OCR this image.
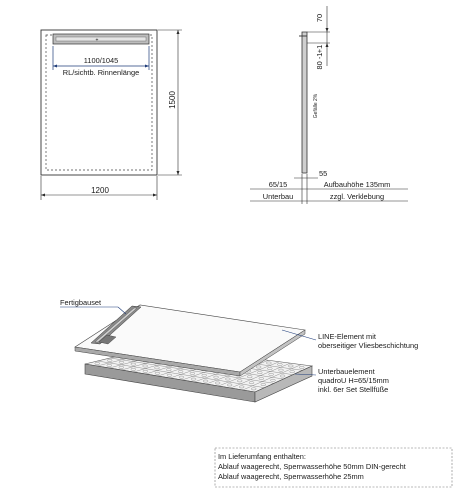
+
1100/1045
RL/sichtb. Rinnenlänge
1200
1500
70
+1
80 -1
Gefälle 2%
55
65/15
Unterbau
Aufbauhöhe 135mm
zzgl. Verklebung
Fertigbauset
LINE-Element mit
oberseitiger Vliesbeschichtung
Unterbauelement
quadroU H=65/15mm
inkl. 6er Set Stellfüße
Im Lieferumfang enthalten:
Ablauf waagerecht, Sperrwasserhöhe 50mm DIN-gerecht
Ablauf waagerecht, Sperrwasserhöhe 25mm
